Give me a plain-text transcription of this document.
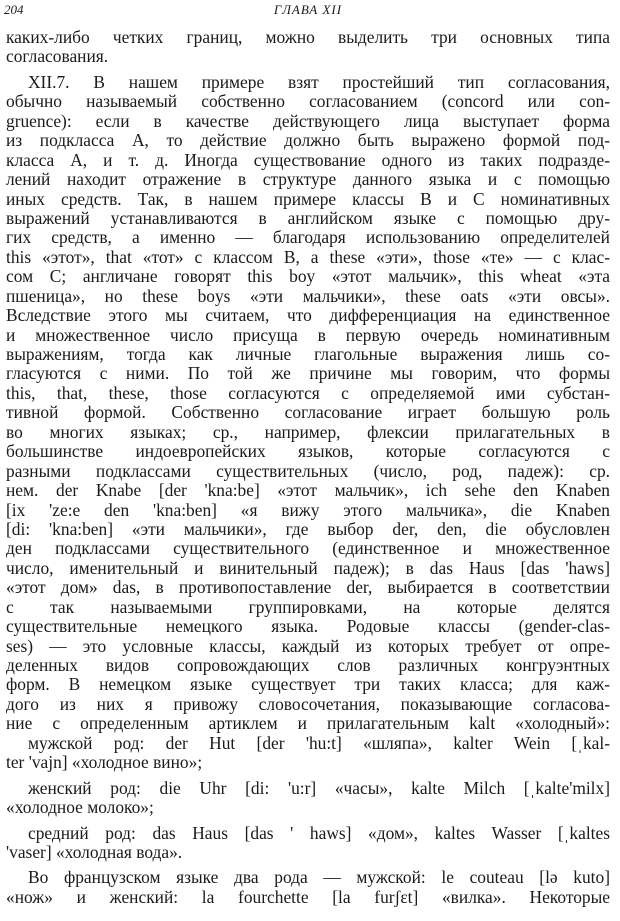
204	ГЛАВА XII
каких-либо четких границ, можно выделить три основных типа
согласования.
XII.7. В нашем примере взят простейший тип согласования,
обычно называемый собственно согласованием (concord или con-
gruence): если в качестве действующего лица выступает форма
из подкласса A, то действие должно быть выражено формой под-
класса A, и т. д. Иногда существование одного из таких подразде-
лений находит отражение в структуре данного языка и с помощью
иных средств. Так, в нашем примере классы B и C номинативных
выражений устанавливаются в английском языке с помощью дру-
гих средств, а именно — благодаря использованию определителей
this «этот», that «тот» с классом B, a these «эти», those «те» — с клас-
сом C; англичане говорят this boy «этот мальчик», this wheat «эта
пшеница», но these boys «эти мальчики», these oats «эти овсы».
Вследствие этого мы считаем, что дифференциация на единственное
и множественное число присуща в первую очередь номинативным
выражениям, тогда как личные глагольные выражения лишь со-
гласуются с ними. По той же причине мы говорим, что формы
this, that, these, those согласуются с определяемой ими субстан-
тивной формой. Собственно согласование играет большую роль
во многих языках; ср., например, флексии прилагательных в
большинстве индоевропейских языков, которые согласуются с
разными подклассами существительных (число, род, падеж): ср.
нем. der Knabe [der 'kna:be] «этот мальчик», ich sehe den Knaben
[ix 'ze:e den 'kna:ben] «я вижу этого мальчика», die Knaben
[di: 'kna:ben] «эти мальчики», где выбор der, den, die обусловлен
ден подклассами существительного (единственное и множественное
число, именительный и винительный падеж); в das Haus [das 'haws]
«этот дом» das, в противопоставление der, выбирается в соответствии
с так называемыми группировками, на которые делятся
существительные немецкого языка. Родовые классы (gender-clas-
ses) — это условные классы, каждый из которых требует от опре-
деленных видов сопровождающих слов различных конгруэнтных
форм. В немецком языке существует три таких класса; для каж-
дого из них я привожу словосочетания, показывающие согласова-
ние с определенным артиклем и прилагательным kalt «холодный»:
мужской род: der Hut [der 'hu:t] «шляпа», kalter Wein [ˌkal-
ter 'vajn] «холодное вино»;
женский род: die Uhr [di: 'u:r] «часы», kalte Milch [ˌkalte'milx]
«холодное молоко»;
средний род: das Haus [das ' haws] «дом», kaltes Wasser [ˌkaltes
'vaser] «холодная вода».
Во французском языке два рода — мужской: le couteau [lə kuto]
«нож» и женский: la fourchette [la furʃɛt] «вилка». Некоторые
